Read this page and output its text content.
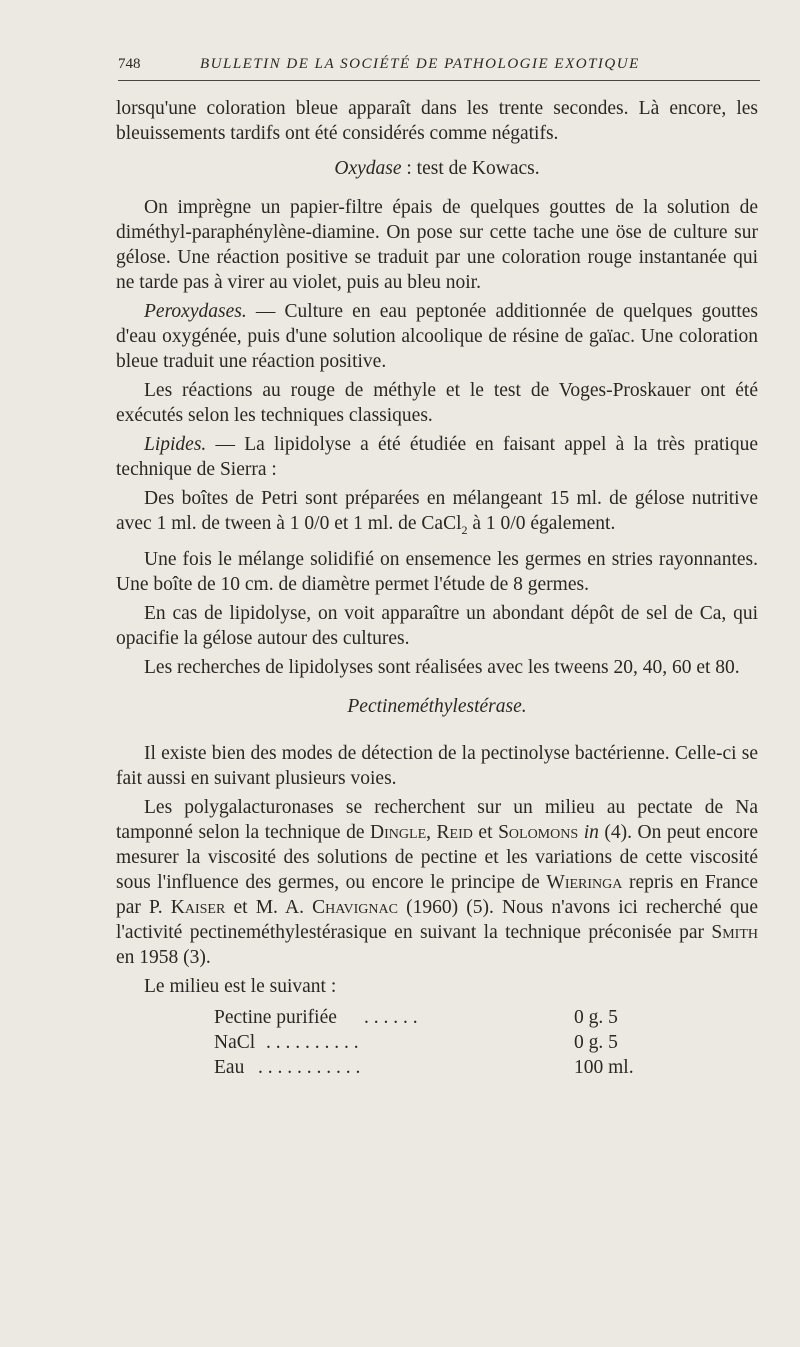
748	BULLETIN DE LA SOCIÉTÉ DE PATHOLOGIE EXOTIQUE

lorsqu'une coloration bleue apparaît dans les trente secondes. Là encore, les bleuissements tardifs ont été considérés comme négatifs.

Oxydase : test de Kowacs.

On imprègne un papier-filtre épais de quelques gouttes de la solution de diméthyl-paraphénylène-diamine. On pose sur cette tache une öse de culture sur gélose. Une réaction positive se traduit par une coloration rouge instantanée qui ne tarde pas à virer au violet, puis au bleu noir.

Peroxydases. — Culture en eau peptonée additionnée de quelques gouttes d'eau oxygénée, puis d'une solution alcoolique de résine de gaïac. Une coloration bleue traduit une réaction positive.

Les réactions au rouge de méthyle et le test de Voges-Proskauer ont été exécutés selon les techniques classiques.

Lipides. — La lipidolyse a été étudiée en faisant appel à la très pratique technique de Sierra :

Des boîtes de Petri sont préparées en mélangeant 15 ml. de gélose nutritive avec 1 ml. de tween à 1 0/0 et 1 ml. de CaCl$_2$ à 1 0/0 également.

Une fois le mélange solidifié on ensemence les germes en stries rayonnantes. Une boîte de 10 cm. de diamètre permet l'étude de 8 germes.

En cas de lipidolyse, on voit apparaître un abondant dépôt de sel de Ca, qui opacifie la gélose autour des cultures.

Les recherches de lipidolyses sont réalisées avec les tweens 20, 40, 60 et 80.

Pectineméthylestérase.

Il existe bien des modes de détection de la pectinolyse bactérienne. Celle-ci se fait aussi en suivant plusieurs voies.

Les polygalacturonases se recherchent sur un milieu au pectate de Na tamponné selon la technique de Dingle, Reid et Solomons in (4). On peut encore mesurer la viscosité des solutions de pectine et les variations de cette viscosité sous l'influence des germes, ou encore le principe de Wieringa repris en France par P. Kaiser et M. A. Chavignac (1960) (5). Nous n'avons ici recherché que l'activité pectineméthylestérasique en suivant la technique préconisée par Smith en 1958 (3).

Le milieu est le suivant :

Pectine purifiée . . . . . .	0 g. 5
NaCl . . . . . . . . . .	0 g. 5
Eau . . . . . . . . . . .	100 ml.
